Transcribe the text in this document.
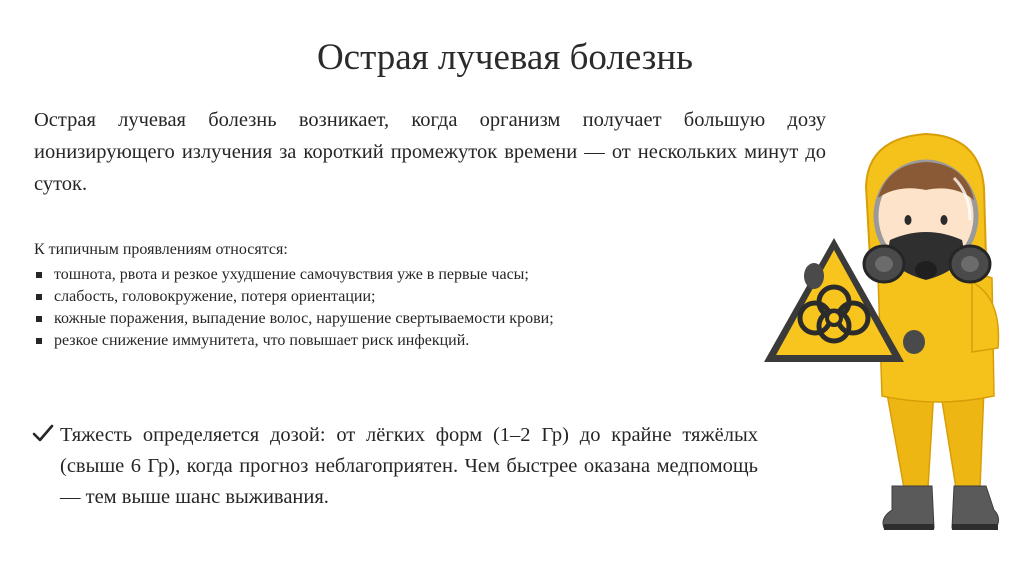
Острая лучевая болезнь

Острая лучевая болезнь возникает, когда организм получает большую дозу ионизирующего излучения за короткий промежуток времени — от нескольких минут до суток.

К типичным проявлениям относятся:

тошнота, рвота и резкое ухудшение самочувствия уже в первые часы;
слабость, головокружение, потеря ориентации;
кожные поражения, выпадение волос, нарушение свертываемости крови;
резкое снижение иммунитета, что повышает риск инфекций.

Тяжесть определяется дозой: от лёгких форм (1–2 Гр) до крайне тяжёлых (свыше 6 Гр), когда прогноз неблагоприятен. Чем быстрее оказана медпомощь — тем выше шанс выживания.
